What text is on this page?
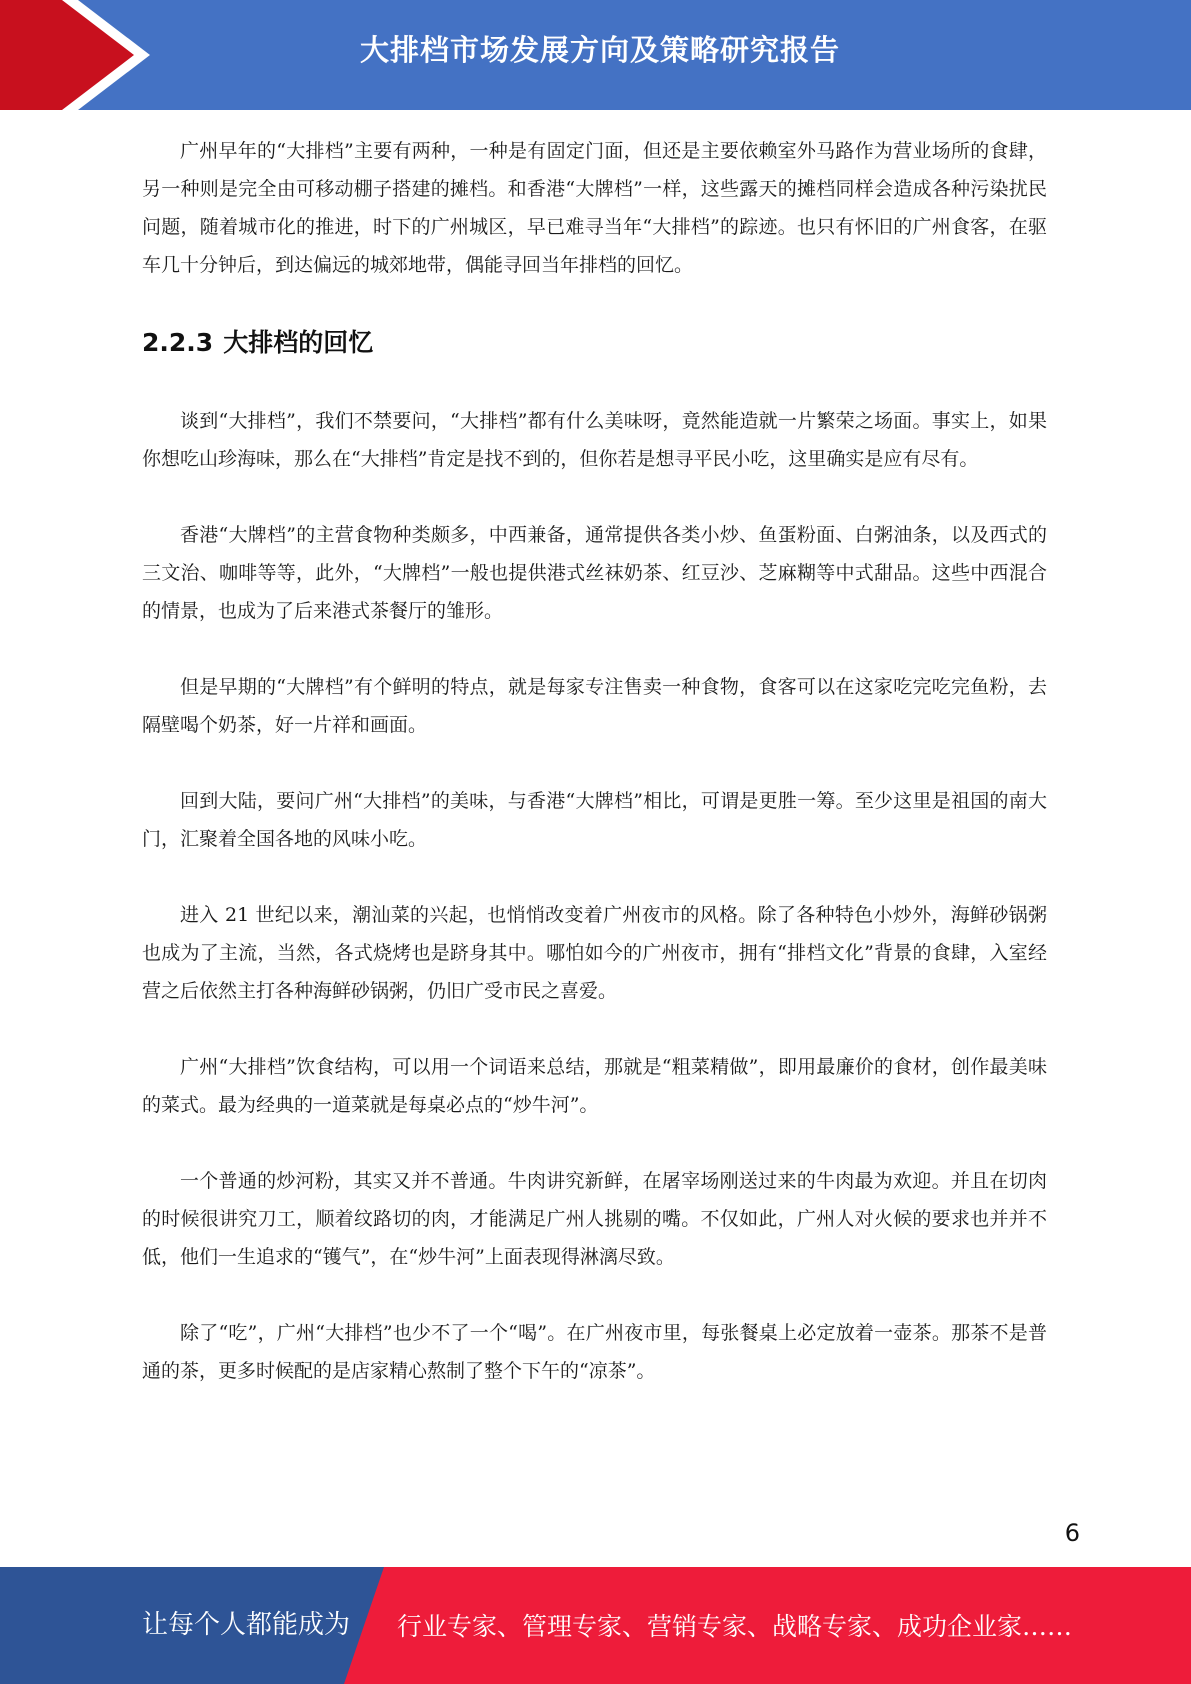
大排档市场发展方向及策略研究报告

广州早年的“大排档”主要有两种，一种是有固定门面，但还是主要依赖室外马路作为营业场所的食肆，另一种则是完全由可移动棚子搭建的摊档。和香港“大牌档”一样，这些露天的摊档同样会造成各种污染扰民问题，随着城市化的推进，时下的广州城区，早已难寻当年“大排档”的踪迹。也只有怀旧的广州食客，在驱车几十分钟后，到达偏远的城郊地带，偶能寻回当年排档的回忆。

2.2.3 大排档的回忆

谈到“大排档”，我们不禁要问，“大排档”都有什么美味呀，竟然能造就一片繁荣之场面。事实上，如果你想吃山珍海味，那么在“大排档”肯定是找不到的，但你若是想寻平民小吃，这里确实是应有尽有。

香港“大牌档”的主营食物种类颇多，中西兼备，通常提供各类小炒、鱼蛋粉面、白粥油条，以及西式的三文治、咖啡等等，此外，“大牌档”一般也提供港式丝袜奶茶、红豆沙、芝麻糊等中式甜品。这些中西混合的情景，也成为了后来港式茶餐厅的雏形。

但是早期的“大牌档”有个鲜明的特点，就是每家专注售卖一种食物，食客可以在这家吃完吃完鱼粉，去隔壁喝个奶茶，好一片祥和画面。

回到大陆，要问广州“大排档”的美味，与香港“大牌档”相比，可谓是更胜一筹。至少这里是祖国的南大门，汇聚着全国各地的风味小吃。

进入 21 世纪以来，潮汕菜的兴起，也悄悄改变着广州夜市的风格。除了各种特色小炒外，海鲜砂锅粥也成为了主流，当然，各式烧烤也是跻身其中。哪怕如今的广州夜市，拥有“排档文化”背景的食肆，入室经营之后依然主打各种海鲜砂锅粥，仍旧广受市民之喜爱。

广州“大排档”饮食结构，可以用一个词语来总结，那就是“粗菜精做”，即用最廉价的食材，创作最美味的菜式。最为经典的一道菜就是每桌必点的“炒牛河”。

一个普通的炒河粉，其实又并不普通。牛肉讲究新鲜，在屠宰场刚送过来的牛肉最为欢迎。并且在切肉的时候很讲究刀工，顺着纹路切的肉，才能满足广州人挑剔的嘴。不仅如此，广州人对火候的要求也并并不低，他们一生追求的“镬气”，在“炒牛河”上面表现得淋漓尽致。

除了“吃”，广州“大排档”也少不了一个“喝”。在广州夜市里，每张餐桌上必定放着一壶茶。那茶不是普通的茶，更多时候配的是店家精心熬制了整个下午的“凉茶”。

6
让每个人都能成为 行业专家、管理专家、营销专家、战略专家、成功企业家……
